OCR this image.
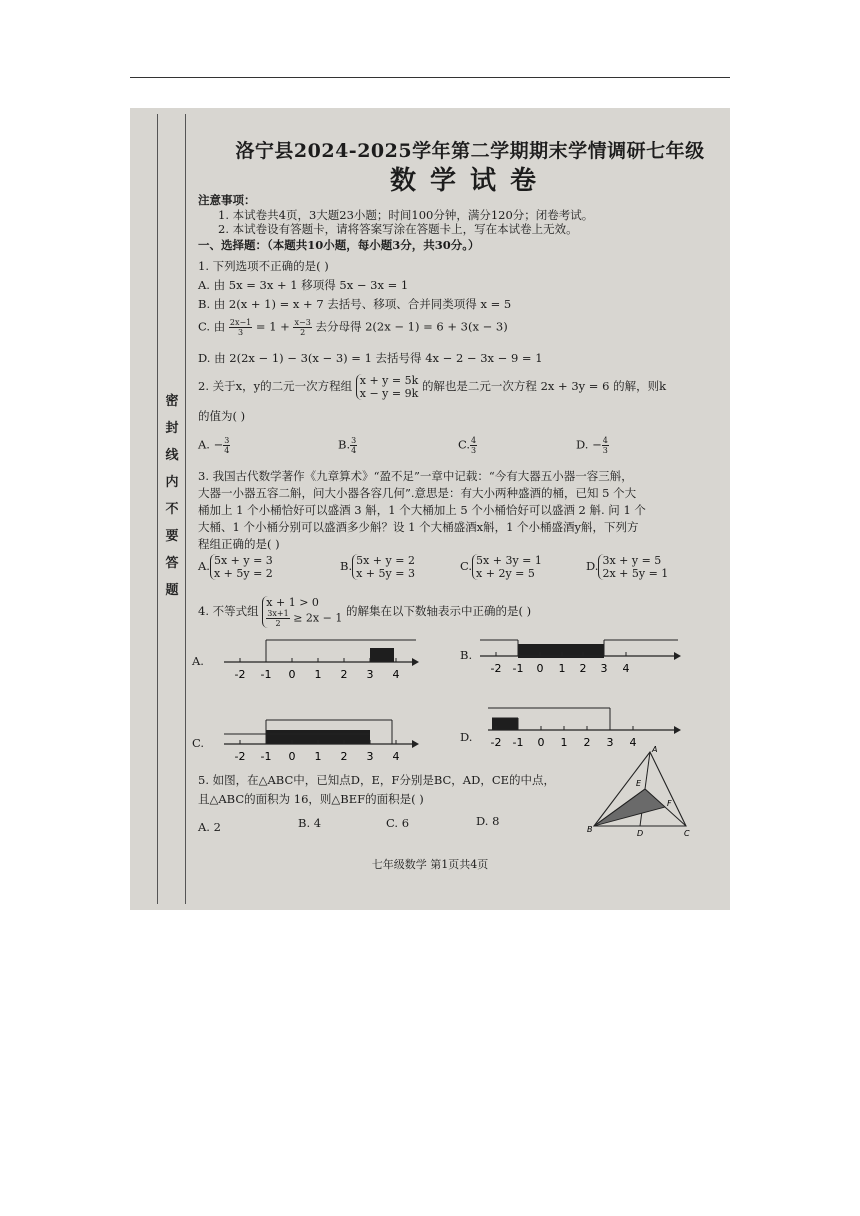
密
封
线
内
不
要
答
题
洛宁县2024-2025学年第二学期期末学情调研七年级
数学试卷
注意事项：
1. 本试卷共4页，3大题23小题；时间100分钟，满分120分；闭卷考试。
2. 本试卷设有答题卡，请将答案写涂在答题卡上，写在本试卷上无效。
一、选择题：（本题共10小题，每小题3分，共30分。）
1. 下列选项不正确的是( )
A. 由 5x = 3x + 1 移项得 5x − 3x = 1
B. 由 2(x + 1) = x + 7 去括号、移项、合并同类项得 x = 5
C. 由 $\frac{2x-1}{3} = 1 + \frac{x-3}{2}$ 去分母得 2(2x − 1) = 6 + 3(x − 3)
D. 由 2(2x − 1) − 3(x − 3) = 1 去括号得 4x − 2 − 3x − 9 = 1
2. 关于x，y的二元一次方程组 x + y = 5k
x − y = 9k
的解也是二元一次方程 2x + 3y = 6 的解，则k
的值为( )
A. − $\frac{3}{4}$	B. $\frac{3}{4}$	C. $\frac{4}{3}$	D. − $\frac{4}{3}$
3. 我国古代数学著作《九章算术》“盈不足”一章中记载：“今有大器五小器一容三斛，
大器一小器五容二斛，问大小器各容几何”.意思是：有大小两种盛酒的桶，已知 5 个大
桶加上 1 个小桶恰好可以盛酒 3 斛，1 个大桶加上 5 个小桶恰好可以盛酒 2 斛. 问 1 个
大桶、1 个小桶分别可以盛酒多少斛？设 1 个大桶盛酒x斛，1 个小桶盛酒y斛，下列方
程组正确的是( )
A. 5x + y = 3
x + 5y = 2
B. 5x + y = 2
x + 5y = 3
C. 5x + 3y = 1
x + 2y = 5
D. 3x + y = 5
2x + 5y = 1
4. 不等式组
x + 1 > 0
$\frac{3x+1}{2} \ge 2x - 1$ 的解集在以下数轴表示中正确的是( )
A.	B.
C.	D.
-2 -1 0 1 2 3 4	-2 -1 0 1 2 3 4
-2 -1 0 1 2 3 4
-2 -1 0 1 2 3 4
5. 如图，在△ABC中，已知点D，E，F分别是BC，AD，CE的中点，
且△ABC的面积为 16，则△BEF的面积是( )
A. 2	B. 4	C. 6	D. 8
A
B	C
D
E
F
七年级数学 第1页共4页
